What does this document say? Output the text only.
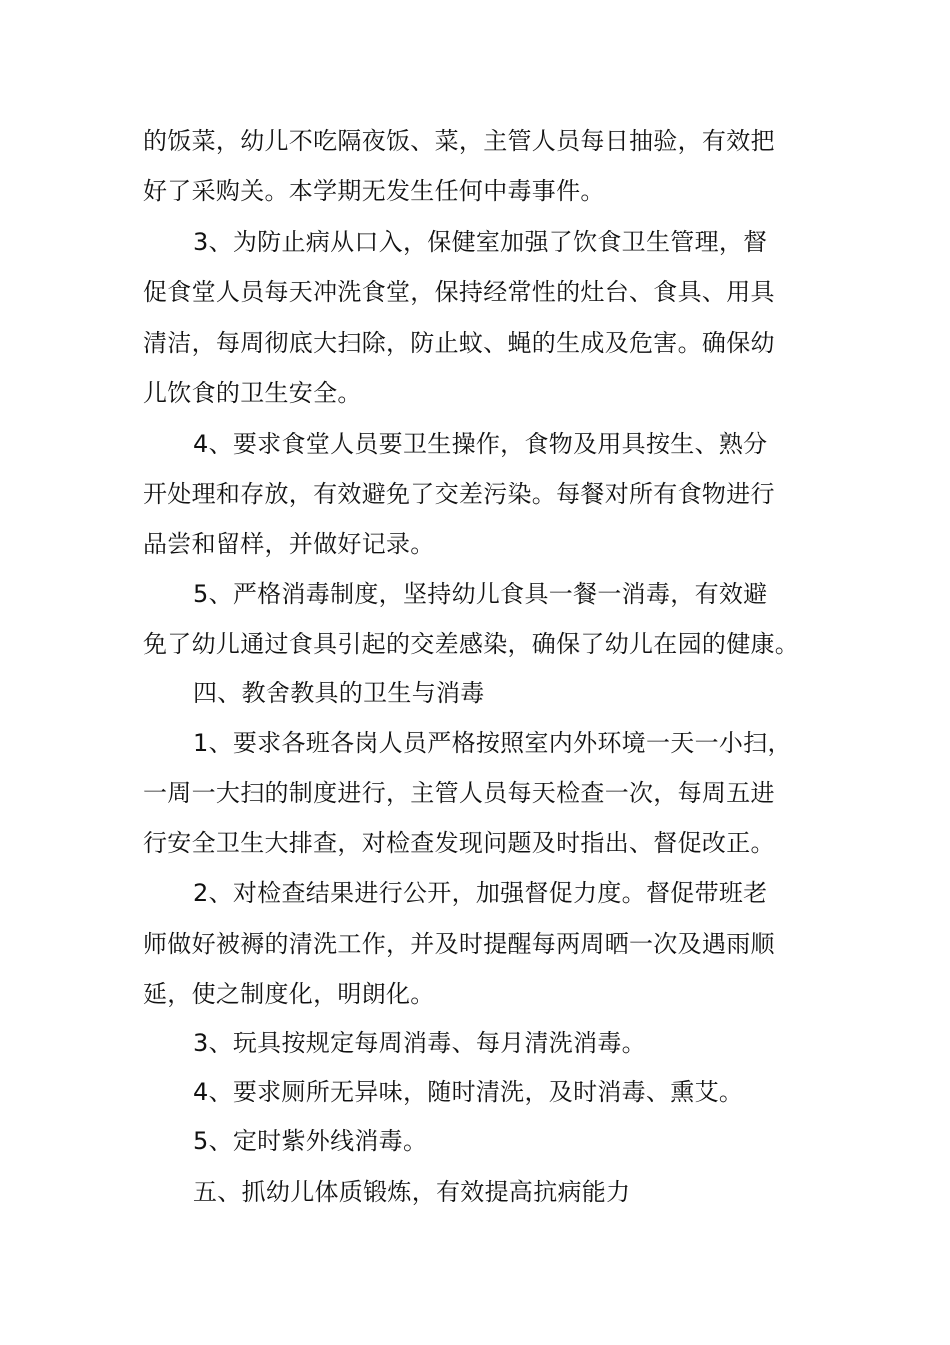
的饭菜，幼儿不吃隔夜饭、菜，主管人员每日抽验，有效把
好了采购关。本学期无发生任何中毒事件。
3、为防止病从口入，保健室加强了饮食卫生管理，督
促食堂人员每天冲洗食堂，保持经常性的灶台、食具、用具
清洁，每周彻底大扫除，防止蚊、蝇的生成及危害。确保幼
儿饮食的卫生安全。
4、要求食堂人员要卫生操作，食物及用具按生、熟分
开处理和存放，有效避免了交差污染。每餐对所有食物进行
品尝和留样，并做好记录。
5、严格消毒制度，坚持幼儿食具一餐一消毒，有效避
免了幼儿通过食具引起的交差感染，确保了幼儿在园的健康。
四、教舍教具的卫生与消毒
1、要求各班各岗人员严格按照室内外环境一天一小扫，
一周一大扫的制度进行，主管人员每天检查一次，每周五进
行安全卫生大排查，对检查发现问题及时指出、督促改正。
2、对检查结果进行公开，加强督促力度。督促带班老
师做好被褥的清洗工作，并及时提醒每两周晒一次及遇雨顺
延，使之制度化，明朗化。
3、玩具按规定每周消毒、每月清洗消毒。
4、要求厕所无异味，随时清洗，及时消毒、熏艾。
5、定时紫外线消毒。
五、抓幼儿体质锻炼，有效提高抗病能力
